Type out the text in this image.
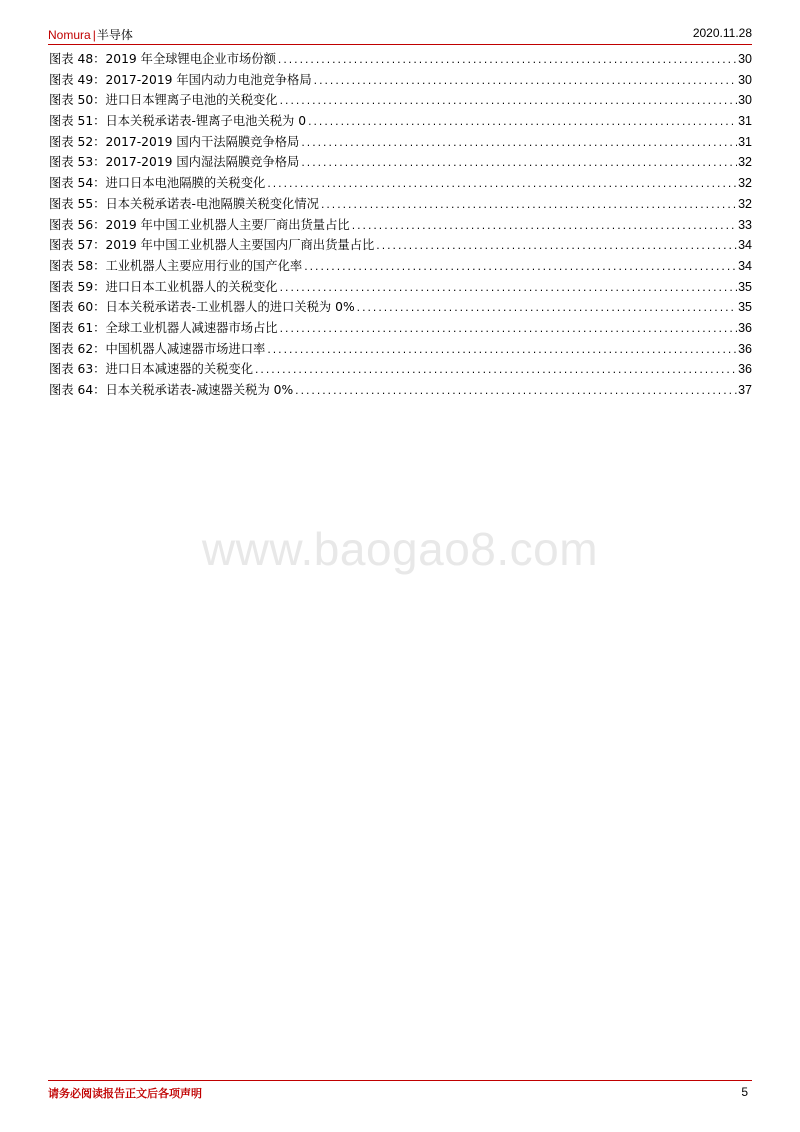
Nomura |半导体	2020.11.28
图表 48：2019 年全球锂电企业市场份额 .....	30
图表 49：2017-2019 年国内动力电池竞争格局 .....	30
图表 50：进口日本锂离子电池的关税变化 .....	30
图表 51：日本关税承诺表-锂离子电池关税为 0 .....	31
图表 52：2017-2019 国内干法隔膜竞争格局 .....	31
图表 53：2017-2019 国内湿法隔膜竞争格局 .....	32
图表 54：进口日本电池隔膜的关税变化 .....	32
图表 55：日本关税承诺表-电池隔膜关税变化情况 .....	32
图表 56：2019 年中国工业机器人主要厂商出货量占比 .....	33
图表 57：2019 年中国工业机器人主要国内厂商出货量占比 .....	34
图表 58：工业机器人主要应用行业的国产化率 .....	34
图表 59：进口日本工业机器人的关税变化 .....	35
图表 60：日本关税承诺表-工业机器人的进口关税为 0% .....	35
图表 61：全球工业机器人减速器市场占比 .....	36
图表 62：中国机器人减速器市场进口率 .....	36
图表 63：进口日本减速器的关税变化 .....	36
图表 64：日本关税承诺表-减速器关税为 0% .....	37
www.baogao8.com
请务必阅读报告正文后各项声明	5
